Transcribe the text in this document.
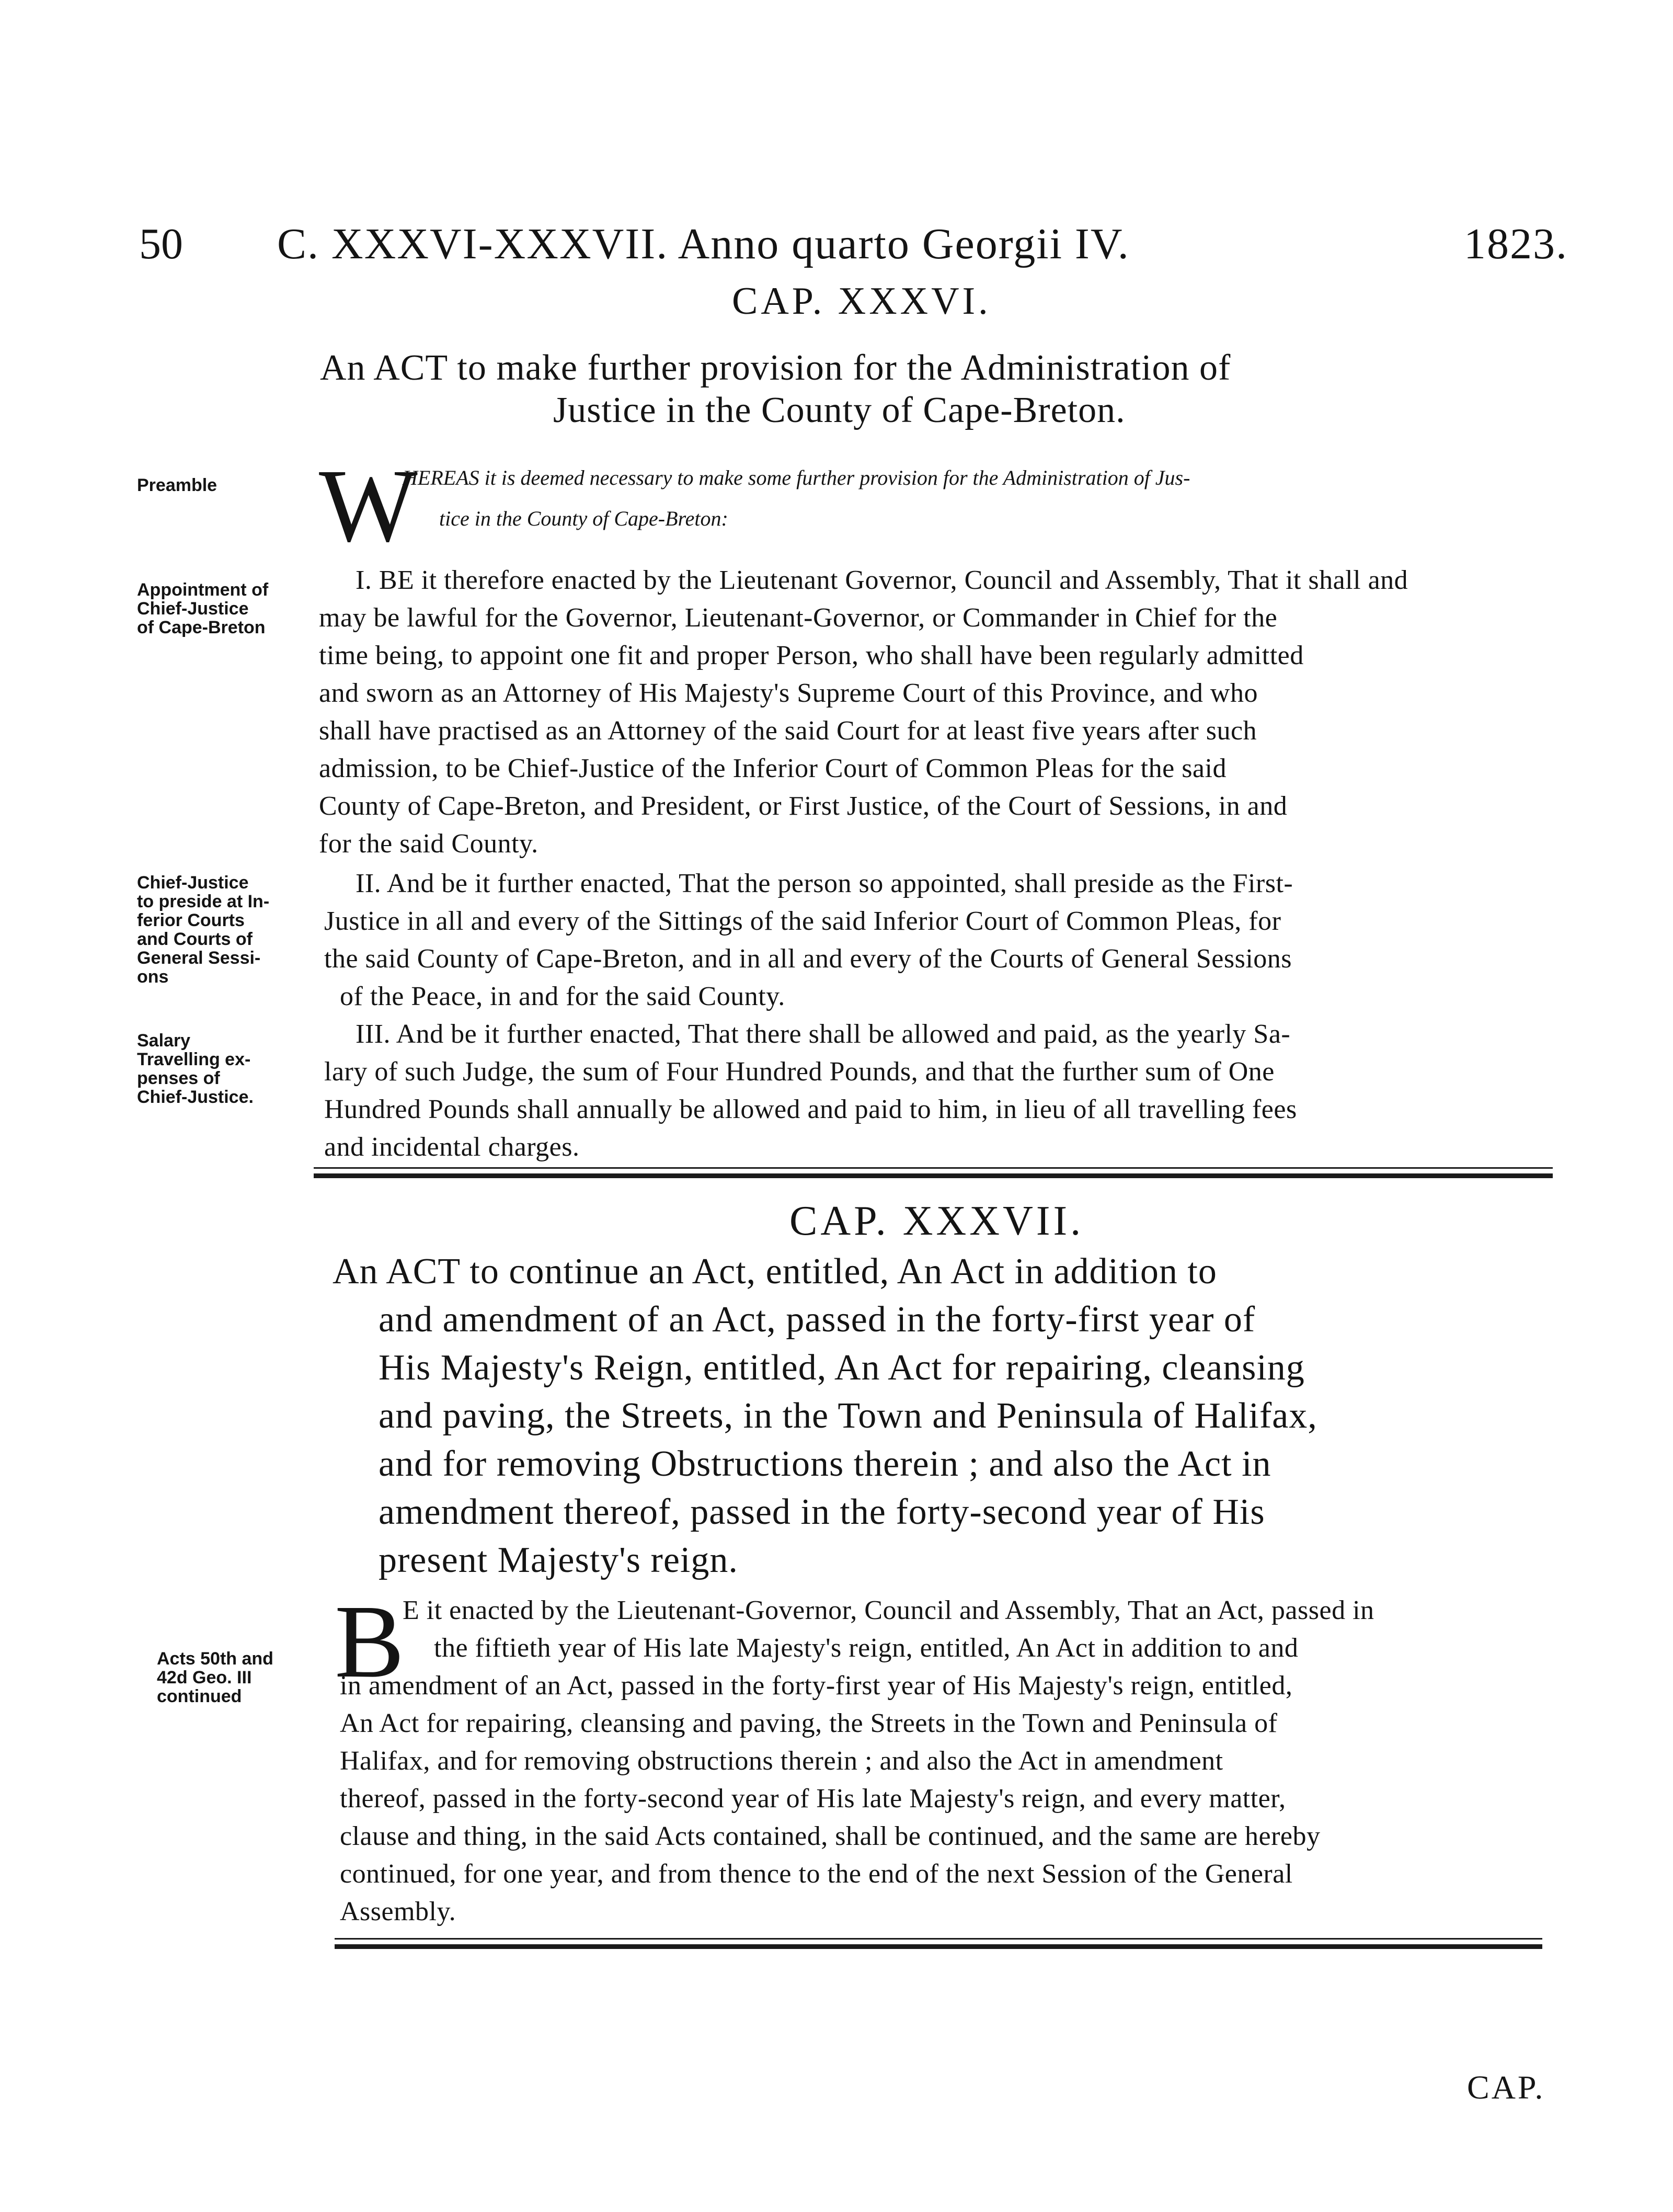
50 C. XXXVI-XXXVII. Anno quarto Georgii IV.	1823.
CAP. XXXVI.
An ACT to make further provision for the Administration of
Justice in the County of Cape-Breton.
Preamble
Appointment of
Chief-Justice
of Cape-Breton
Chief-Justice
to preside at In-
ferior Courts
and Courts of
General Sessi-
ons
Salary
Travelling ex-
penses of
Chief-Justice.
Acts 50th and
42d Geo. III
continued
W
HEREAS it is deemed necessary to make some further provision for the Administration of Jus-
tice in the County of Cape-Breton:
I. BE it therefore enacted by the Lieutenant Governor, Council and Assembly, That it shall and
may be lawful for the Governor, Lieutenant-Governor, or Commander in Chief for the
time being, to appoint one fit and proper Person, who shall have been regularly admitted
and sworn as an Attorney of His Majesty's Supreme Court of this Province, and who
shall have practised as an Attorney of the said Court for at least five years after such
admission, to be Chief-Justice of the Inferior Court of Common Pleas for the said
County of Cape-Breton, and President, or First Justice, of the Court of Sessions, in and
for the said County.
II. And be it further enacted, That the person so appointed, shall preside as the First-
Justice in all and every of the Sittings of the said Inferior Court of Common Pleas, for
the said County of Cape-Breton, and in all and every of the Courts of General Sessions
of the Peace, in and for the said County.
III. And be it further enacted, That there shall be allowed and paid, as the yearly Sa-
lary of such Judge, the sum of Four Hundred Pounds, and that the further sum of One
Hundred Pounds shall annually be allowed and paid to him, in lieu of all travelling fees
and incidental charges.
CAP. XXXVII.
An ACT to continue an Act, entitled, An Act in addition to
and amendment of an Act, passed in the forty-first year of
His Majesty's Reign, entitled, An Act for repairing, cleansing
and paving, the Streets, in the Town and Peninsula of Halifax,
and for removing Obstructions therein ; and also the Act in
amendment thereof, passed in the forty-second year of His
present Majesty's reign.
B
E it enacted by the Lieutenant-Governor, Council and Assembly, That an Act, passed in
the fiftieth year of His late Majesty's reign, entitled, An Act in addition to and
in amendment of an Act, passed in the forty-first year of His Majesty's reign, entitled,
An Act for repairing, cleansing and paving, the Streets in the Town and Peninsula of
Halifax, and for removing obstructions therein ; and also the Act in amendment
thereof, passed in the forty-second year of His late Majesty's reign, and every matter,
clause and thing, in the said Acts contained, shall be continued, and the same are hereby
continued, for one year, and from thence to the end of the next Session of the General
Assembly.
CAP.
